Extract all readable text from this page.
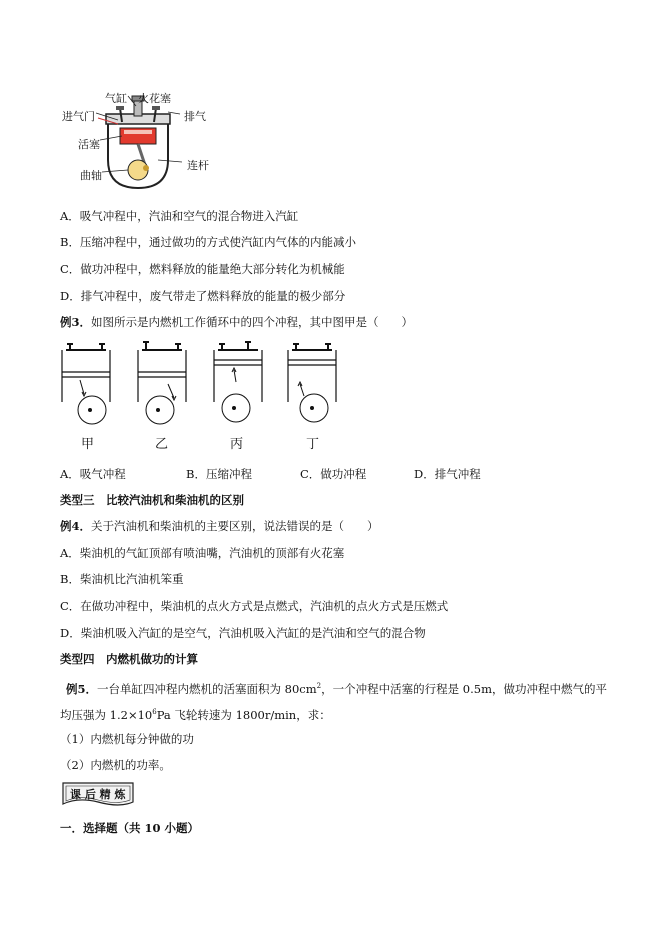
气缸 火花塞
进气门	排气
活塞
连杆
曲轴
A．吸气冲程中，汽油和空气的混合物进入汽缸
B．压缩冲程中，通过做功的方式使汽缸内气体的内能减小
C．做功冲程中，燃料释放的能量绝大部分转化为机械能
D．排气冲程中，废气带走了燃料释放的能量的极少部分
例3．如图所示是内燃机工作循环中的四个冲程，其中图甲是（　　）
甲	乙	丙	丁
A．吸气冲程	B．压缩冲程	C．做功冲程	D．排气冲程
类型三　比较汽油机和柴油机的区别
例4．关于汽油机和柴油机的主要区别，说法错误的是（　　）
A．柴油机的气缸顶部有喷油嘴，汽油机的顶部有火花塞
B．柴油机比汽油机笨重
C．在做功冲程中，柴油机的点火方式是点燃式，汽油机的点火方式是压燃式
D．柴油机吸入汽缸的是空气，汽油机吸入汽缸的是汽油和空气的混合物
类型四　内燃机做功的计算
例5．一台单缸四冲程内燃机的活塞面积为 $80cm^2$，一个冲程中活塞的行程是 0.5m，做功冲程中燃气的平
均压强为 $1.2\times 10^6Pa$ 飞轮转速为 1800r/min，求：
（1）内燃机每分钟做的功
（2）内燃机的功率。
课 后 精 炼
一．选择题（共 10 小题）
